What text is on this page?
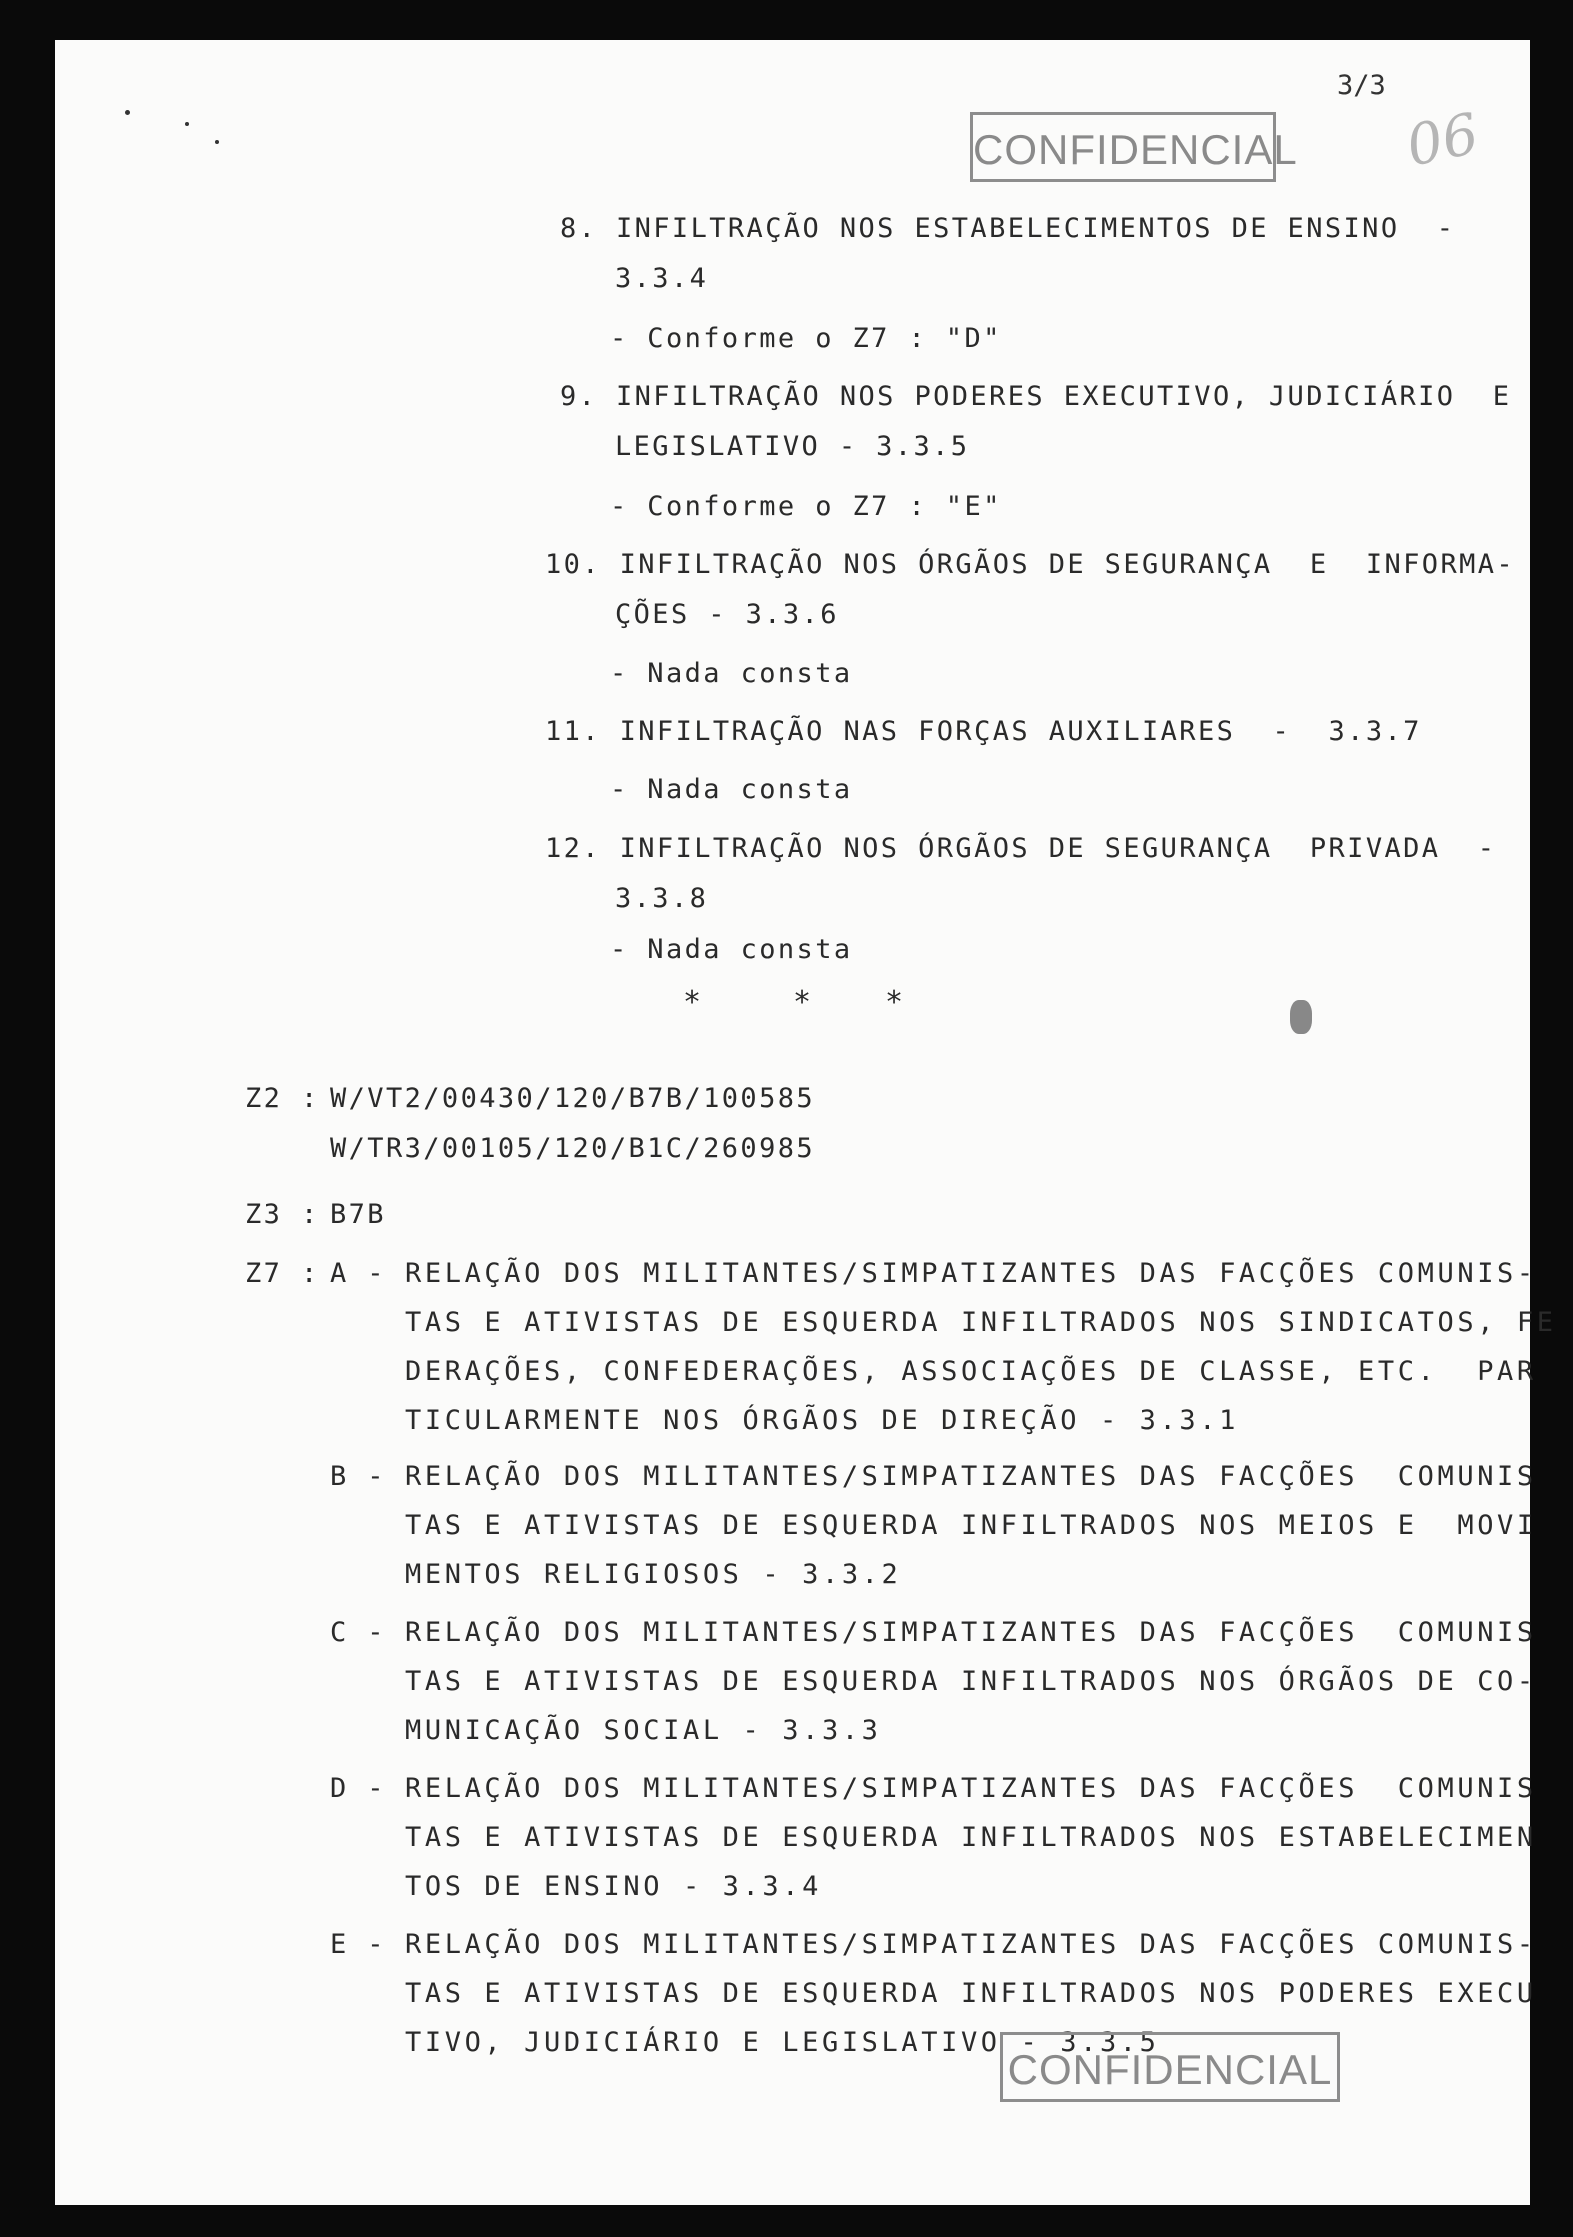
3/3
CONFIDENCIAL 06
8. INFILTRAÇÃO NOS ESTABELECIMENTOS DE ENSINO  -
3.3.4
- Conforme o Z7 : "D"
9. INFILTRAÇÃO NOS PODERES EXECUTIVO, JUDICIÁRIO  E
LEGISLATIVO - 3.3.5
- Conforme o Z7 : "E"
10. INFILTRAÇÃO NOS ÓRGÃOS DE SEGURANÇA  E  INFORMA-
ÇÕES - 3.3.6
- Nada consta
11. INFILTRAÇÃO NAS FORÇAS AUXILIARES  -  3.3.7
- Nada consta
12. INFILTRAÇÃO NOS ÓRGÃOS DE SEGURANÇA  PRIVADA  -
3.3.8
- Nada consta
*	* *
Z2 : W/VT2/00430/120/B7B/100585
W/TR3/00105/120/B1C/260985
Z3 : B7B
Z7 : A - RELAÇÃO DOS MILITANTES/SIMPATIZANTES DAS FACÇÕES COMUNIS-
TAS E ATIVISTAS DE ESQUERDA INFILTRADOS NOS SINDICATOS, FE
DERAÇÕES, CONFEDERAÇÕES, ASSOCIAÇÕES DE CLASSE, ETC.  PAR
TICULARMENTE NOS ÓRGÃOS DE DIREÇÃO - 3.3.1
B - RELAÇÃO DOS MILITANTES/SIMPATIZANTES DAS FACÇÕES  COMUNIS
TAS E ATIVISTAS DE ESQUERDA INFILTRADOS NOS MEIOS E  MOVI
MENTOS RELIGIOSOS - 3.3.2
C - RELAÇÃO DOS MILITANTES/SIMPATIZANTES DAS FACÇÕES  COMUNIS
TAS E ATIVISTAS DE ESQUERDA INFILTRADOS NOS ÓRGÃOS DE CO-
MUNICAÇÃO SOCIAL - 3.3.3
D - RELAÇÃO DOS MILITANTES/SIMPATIZANTES DAS FACÇÕES  COMUNIS
TAS E ATIVISTAS DE ESQUERDA INFILTRADOS NOS ESTABELECIMEN
TOS DE ENSINO - 3.3.4
E - RELAÇÃO DOS MILITANTES/SIMPATIZANTES DAS FACÇÕES COMUNIS-
TAS E ATIVISTAS DE ESQUERDA INFILTRADOS NOS PODERES EXECU
TIVO, JUDICIÁRIO E LEGISLATIVO - 3.3.5
CONFIDENCIAL
